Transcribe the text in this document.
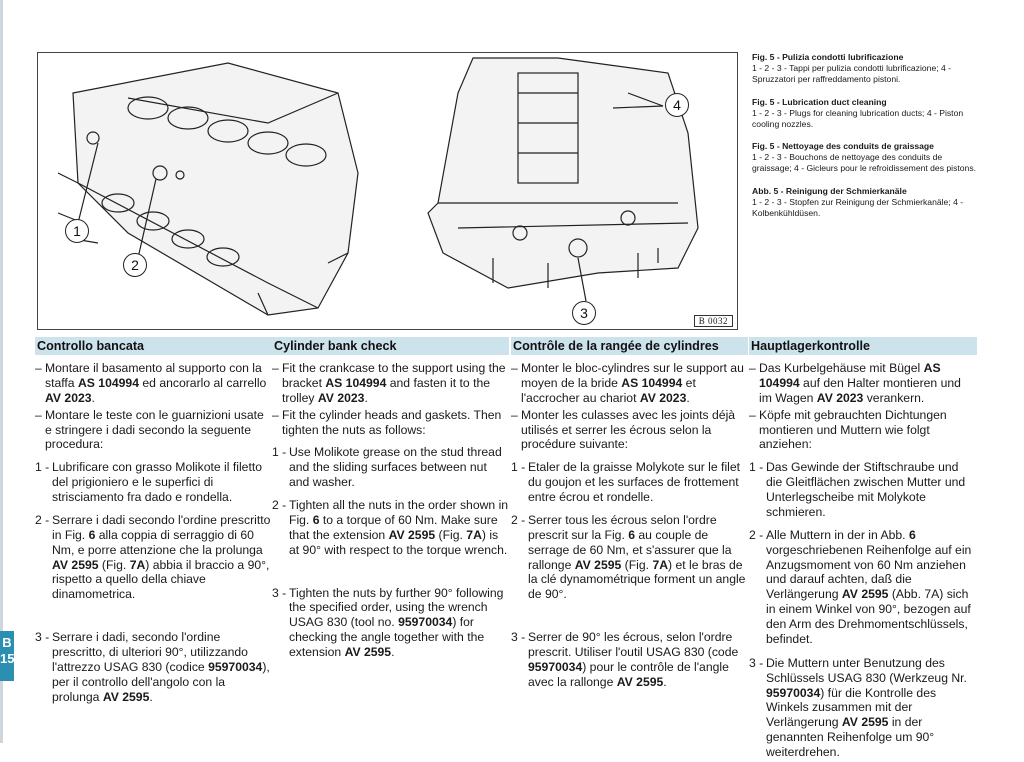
1
2
3
4
B 0032
Fig. 5 - Pulizia condotti lubrificazione
1 - 2 - 3 - Tappi per pulizia condotti lubrificazione; 4 - Spruzzatori per raffreddamento pistoni.
Fig. 5 - Lubrication duct cleaning
1 - 2 - 3 - Plugs for cleaning lubrication ducts; 4 - Piston cooling nozzles.
Fig. 5 - Nettoyage des conduits de graissage
1 - 2 - 3 - Bouchons de nettoyage des conduits de graissage; 4 - Gicleurs pour le refroidissement des pistons.
Abb. 5 - Reinigung der Schmierkanäle
1 - 2 - 3 - Stopfen zur Reinigung der Schmierkanäle; 4 - Kolbenkühldüsen.
Controllo bancata
– Montare il basamento al supporto con la staffa AS 104994 ed ancorarlo al carrello AV 2023.
– Montare le teste con le guarnizioni usate e stringere i dadi secondo la seguente procedura:
1 - Lubrificare con grasso Molikote il filetto del prigioniero e le superfici di strisciamento fra dado e rondella.
2 - Serrare i dadi secondo l'ordine prescritto in Fig. 6 alla coppia di serraggio di 60 Nm, e porre attenzione che la prolunga AV 2595 (Fig. 7A) abbia il braccio a 90°, rispetto a quello della chiave dinamometrica.
3 - Serrare i dadi, secondo l'ordine prescritto, di ulteriori 90°, utilizzando l'attrezzo USAG 830 (codice 95970034), per il controllo dell'angolo con la prolunga AV 2595.
Cylinder bank check
– Fit the crankcase to the support using the bracket AS 104994 and fasten it to the trolley AV 2023.
– Fit the cylinder heads and gaskets. Then tighten the nuts as follows:
1 - Use Molikote grease on the stud thread and the sliding surfaces between nut and washer.
2 - Tighten all the nuts in the order shown in Fig. 6 to a torque of 60 Nm. Make sure that the extension AV 2595 (Fig. 7A) is at 90° with respect to the torque wrench.
3 - Tighten the nuts by further 90° following the specified order, using the wrench USAG 830 (tool no. 95970034) for checking the angle together with the extension AV 2595.
Contrôle de la rangée de cylindres
– Monter le bloc-cylindres sur le support au moyen de la bride AS 104994 et l'accrocher au chariot AV 2023.
– Monter les culasses avec les joints déjà utilisés et serrer les écrous selon la procédure suivante:
1 - Etaler de la graisse Molykote sur le filet du goujon et les surfaces de frottement entre écrou et rondelle.
2 - Serrer tous les écrous selon l'ordre prescrit sur la Fig. 6 au couple de serrage de 60 Nm, et s'assurer que la rallonge AV 2595 (Fig. 7A) et le bras de la clé dynamométrique forment un angle de 90°.
3 - Serrer de 90° les écrous, selon l'ordre prescrit. Utiliser l'outil USAG 830 (code 95970034) pour le contrôle de l'angle avec la rallonge AV 2595.
Hauptlagerkontrolle
– Das Kurbelgehäuse mit Bügel AS 104994 auf den Halter montieren und im Wagen AV 2023 verankern.
– Köpfe mit gebrauchten Dichtungen montieren und Muttern wie folgt anziehen:
1 - Das Gewinde der Stiftschraube und die Gleitflächen zwischen Mutter und Unterlegscheibe mit Molykote schmieren.
2 - Alle Muttern in der in Abb. 6 vorgeschriebenen Reihenfolge auf ein Anzugsmoment von 60 Nm anziehen und darauf achten, daß die Verlängerung AV 2595 (Abb. 7A) sich in einem Winkel von 90°, bezogen auf den Arm des Drehmomentschlüssels, befindet.
3 - Die Muttern unter Benutzung des Schlüssels USAG 830 (Werkzeug Nr. 95970034) für die Kontrolle des Winkels zusammen mit der Verlängerung AV 2595 in der genannten Reihenfolge um 90° weiterdrehen.
B
15
